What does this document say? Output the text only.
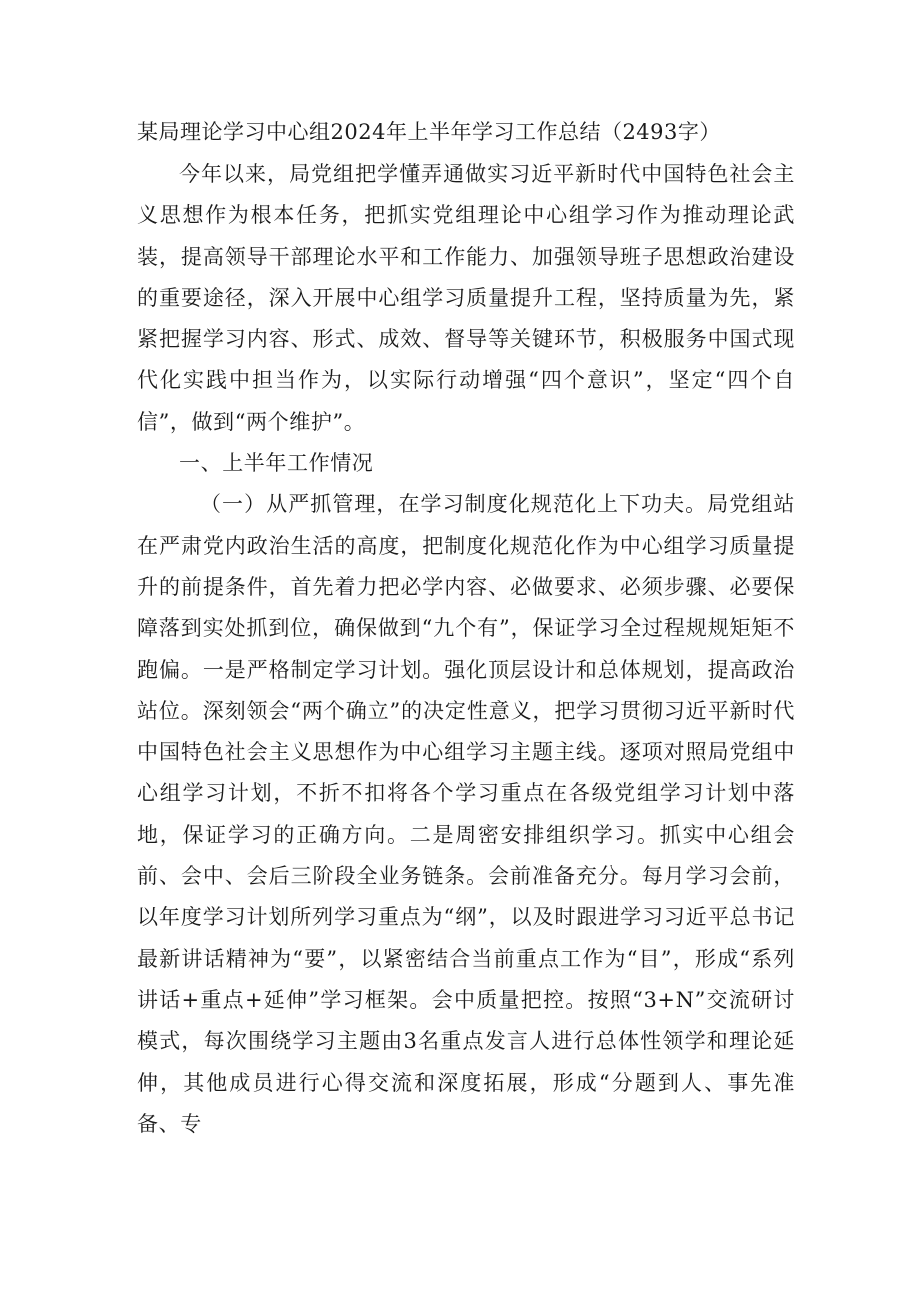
某局理论学习中心组2024年上半年学习工作总结（2493字）

今年以来，局党组把学懂弄通做实习近平新时代中国特色社会主义思想作为根本任务，把抓实党组理论中心组学习作为推动理论武装，提高领导干部理论水平和工作能力、加强领导班子思想政治建设的重要途径，深入开展中心组学习质量提升工程，坚持质量为先，紧紧把握学习内容、形式、成效、督导等关键环节，积极服务中国式现代化实践中担当作为，以实际行动增强“四个意识”，坚定“四个自信”，做到“两个维护”。

一、上半年工作情况

（一）从严抓管理，在学习制度化规范化上下功夫。局党组站在严肃党内政治生活的高度，把制度化规范化作为中心组学习质量提升的前提条件，首先着力把必学内容、必做要求、必须步骤、必要保障落到实处抓到位，确保做到“九个有”，保证学习全过程规规矩矩不跑偏。一是严格制定学习计划。强化顶层设计和总体规划，提高政治站位。深刻领会“两个确立”的决定性意义，把学习贯彻习近平新时代中国特色社会主义思想作为中心组学习主题主线。逐项对照局党组中心组学习计划，不折不扣将各个学习重点在各级党组学习计划中落地，保证学习的正确方向。二是周密安排组织学习。抓实中心组会前、会中、会后三阶段全业务链条。会前准备充分。每月学习会前，以年度学习计划所列学习重点为“纲”，以及时跟进学习习近平总书记最新讲话精神为“要”，以紧密结合当前重点工作为“目”，形成“系列讲话+重点+延伸”学习框架。会中质量把控。按照“3+N”交流研讨模式，每次围绕学习主题由3名重点发言人进行总体性领学和理论延伸，其他成员进行心得交流和深度拓展，形成“分题到人、事先准备、专
